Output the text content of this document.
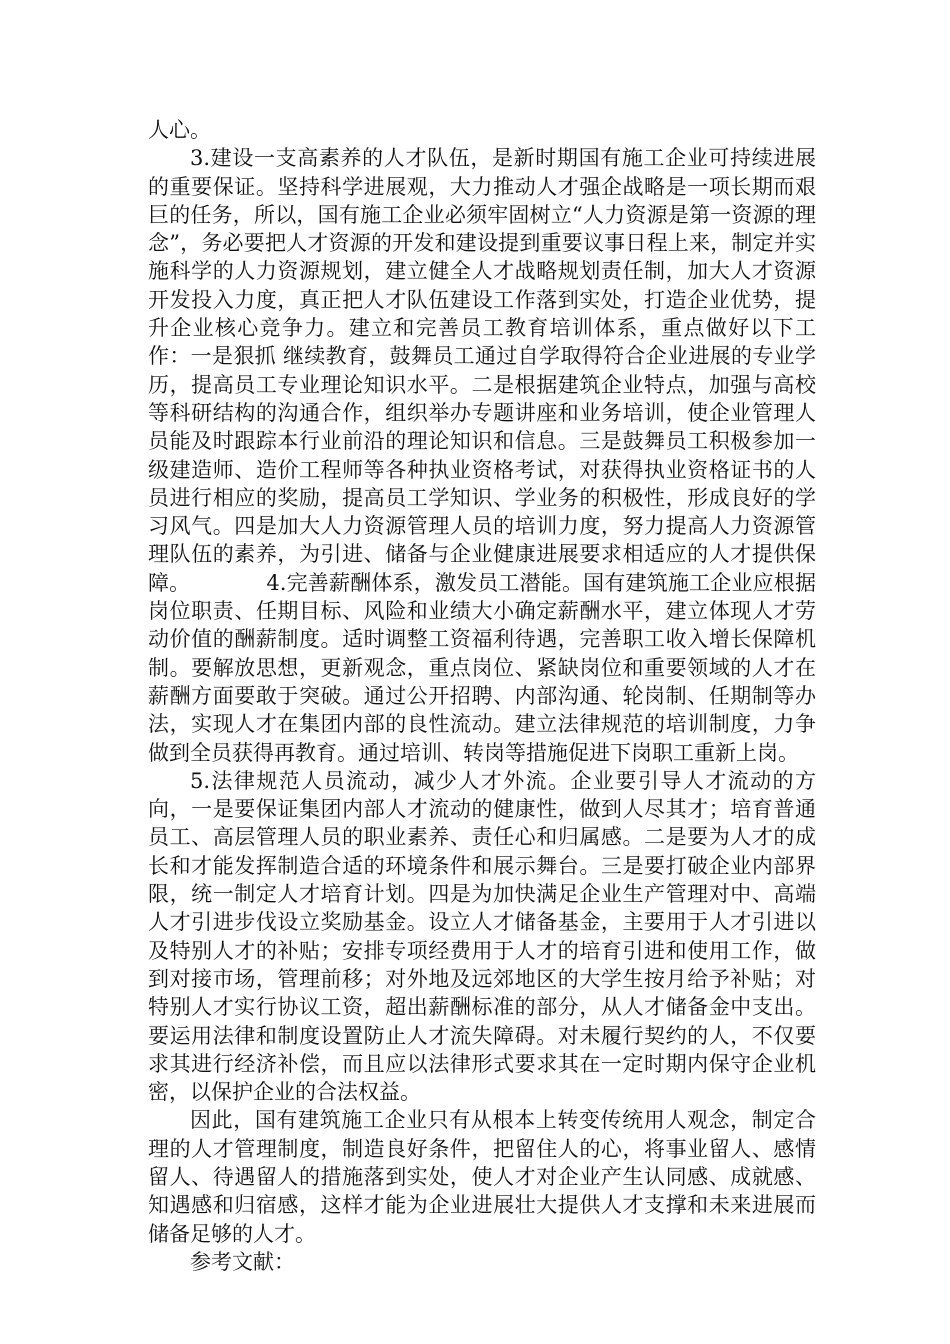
人心。

3.建设一支高素养的人才队伍，是新时期国有施工企业可持续进展的重要保证。坚持科学进展观，大力推动人才强企战略是一项长期而艰巨的任务，所以，国有施工企业必须牢固树立“人力资源是第一资源的理念”，务必要把人才资源的开发和建设提到重要议事日程上来，制定并实施科学的人力资源规划，建立健全人才战略规划责任制，加大人才资源开发投入力度，真正把人才队伍建设工作落到实处，打造企业优势，提升企业核心竞争力。建立和完善员工教育培训体系，重点做好以下工作：一是狠抓 继续教育，鼓舞员工通过自学取得符合企业进展的专业学历，提高员工专业理论知识水平。二是根据建筑企业特点，加强与高校等科研结构的沟通合作，组织举办专题讲座和业务培训，使企业管理人员能及时跟踪本行业前沿的理论知识和信息。三是鼓舞员工积极参加一级建造师、造价工程师等各种执业资格考试，对获得执业资格证书的人员进行相应的奖励，提高员工学知识、学业务的积极性，形成良好的学习风气。四是加大人力资源管理人员的培训力度，努力提高人力资源管理队伍的素养，为引进、储备与企业健康进展要求相适应的人才提供保障。	4.完善薪酬体系，激发员工潜能。国有建筑施工企业应根据岗位职责、任期目标、风险和业绩大小确定薪酬水平，建立体现人才劳动价值的酬薪制度。适时调整工资福利待遇，完善职工收入增长保障机制。要解放思想，更新观念，重点岗位、紧缺岗位和重要领域的人才在薪酬方面要敢于突破。通过公开招聘、内部沟通、轮岗制、任期制等办法，实现人才在集团内部的良性流动。建立法律规范的培训制度，力争做到全员获得再教育。通过培训、转岗等措施促进下岗职工重新上岗。

5.法律规范人员流动，减少人才外流。企业要引导人才流动的方向，一是要保证集团内部人才流动的健康性，做到人尽其才；培育普通员工、高层管理人员的职业素养、责任心和归属感。二是要为人才的成长和才能发挥制造合适的环境条件和展示舞台。三是要打破企业内部界限，统一制定人才培育计划。四是为加快满足企业生产管理对中、高端人才引进步伐设立奖励基金。设立人才储备基金，主要用于人才引进以及特别人才的补贴；安排专项经费用于人才的培育引进和使用工作，做到对接市场，管理前移；对外地及远郊地区的大学生按月给予补贴；对特别人才实行协议工资，超出薪酬标准的部分，从人才储备金中支出。要运用法律和制度设置防止人才流失障碍。对未履行契约的人，不仅要求其进行经济补偿，而且应以法律形式要求其在一定时期内保守企业机密，以保护企业的合法权益。

因此，国有建筑施工企业只有从根本上转变传统用人观念，制定合理的人才管理制度，制造良好条件，把留住人的心，将事业留人、感情留人、待遇留人的措施落到实处，使人才对企业产生认同感、成就感、知遇感和归宿感，这样才能为企业进展壮大提供人才支撑和未来进展而储备足够的人才。

参考文献：
